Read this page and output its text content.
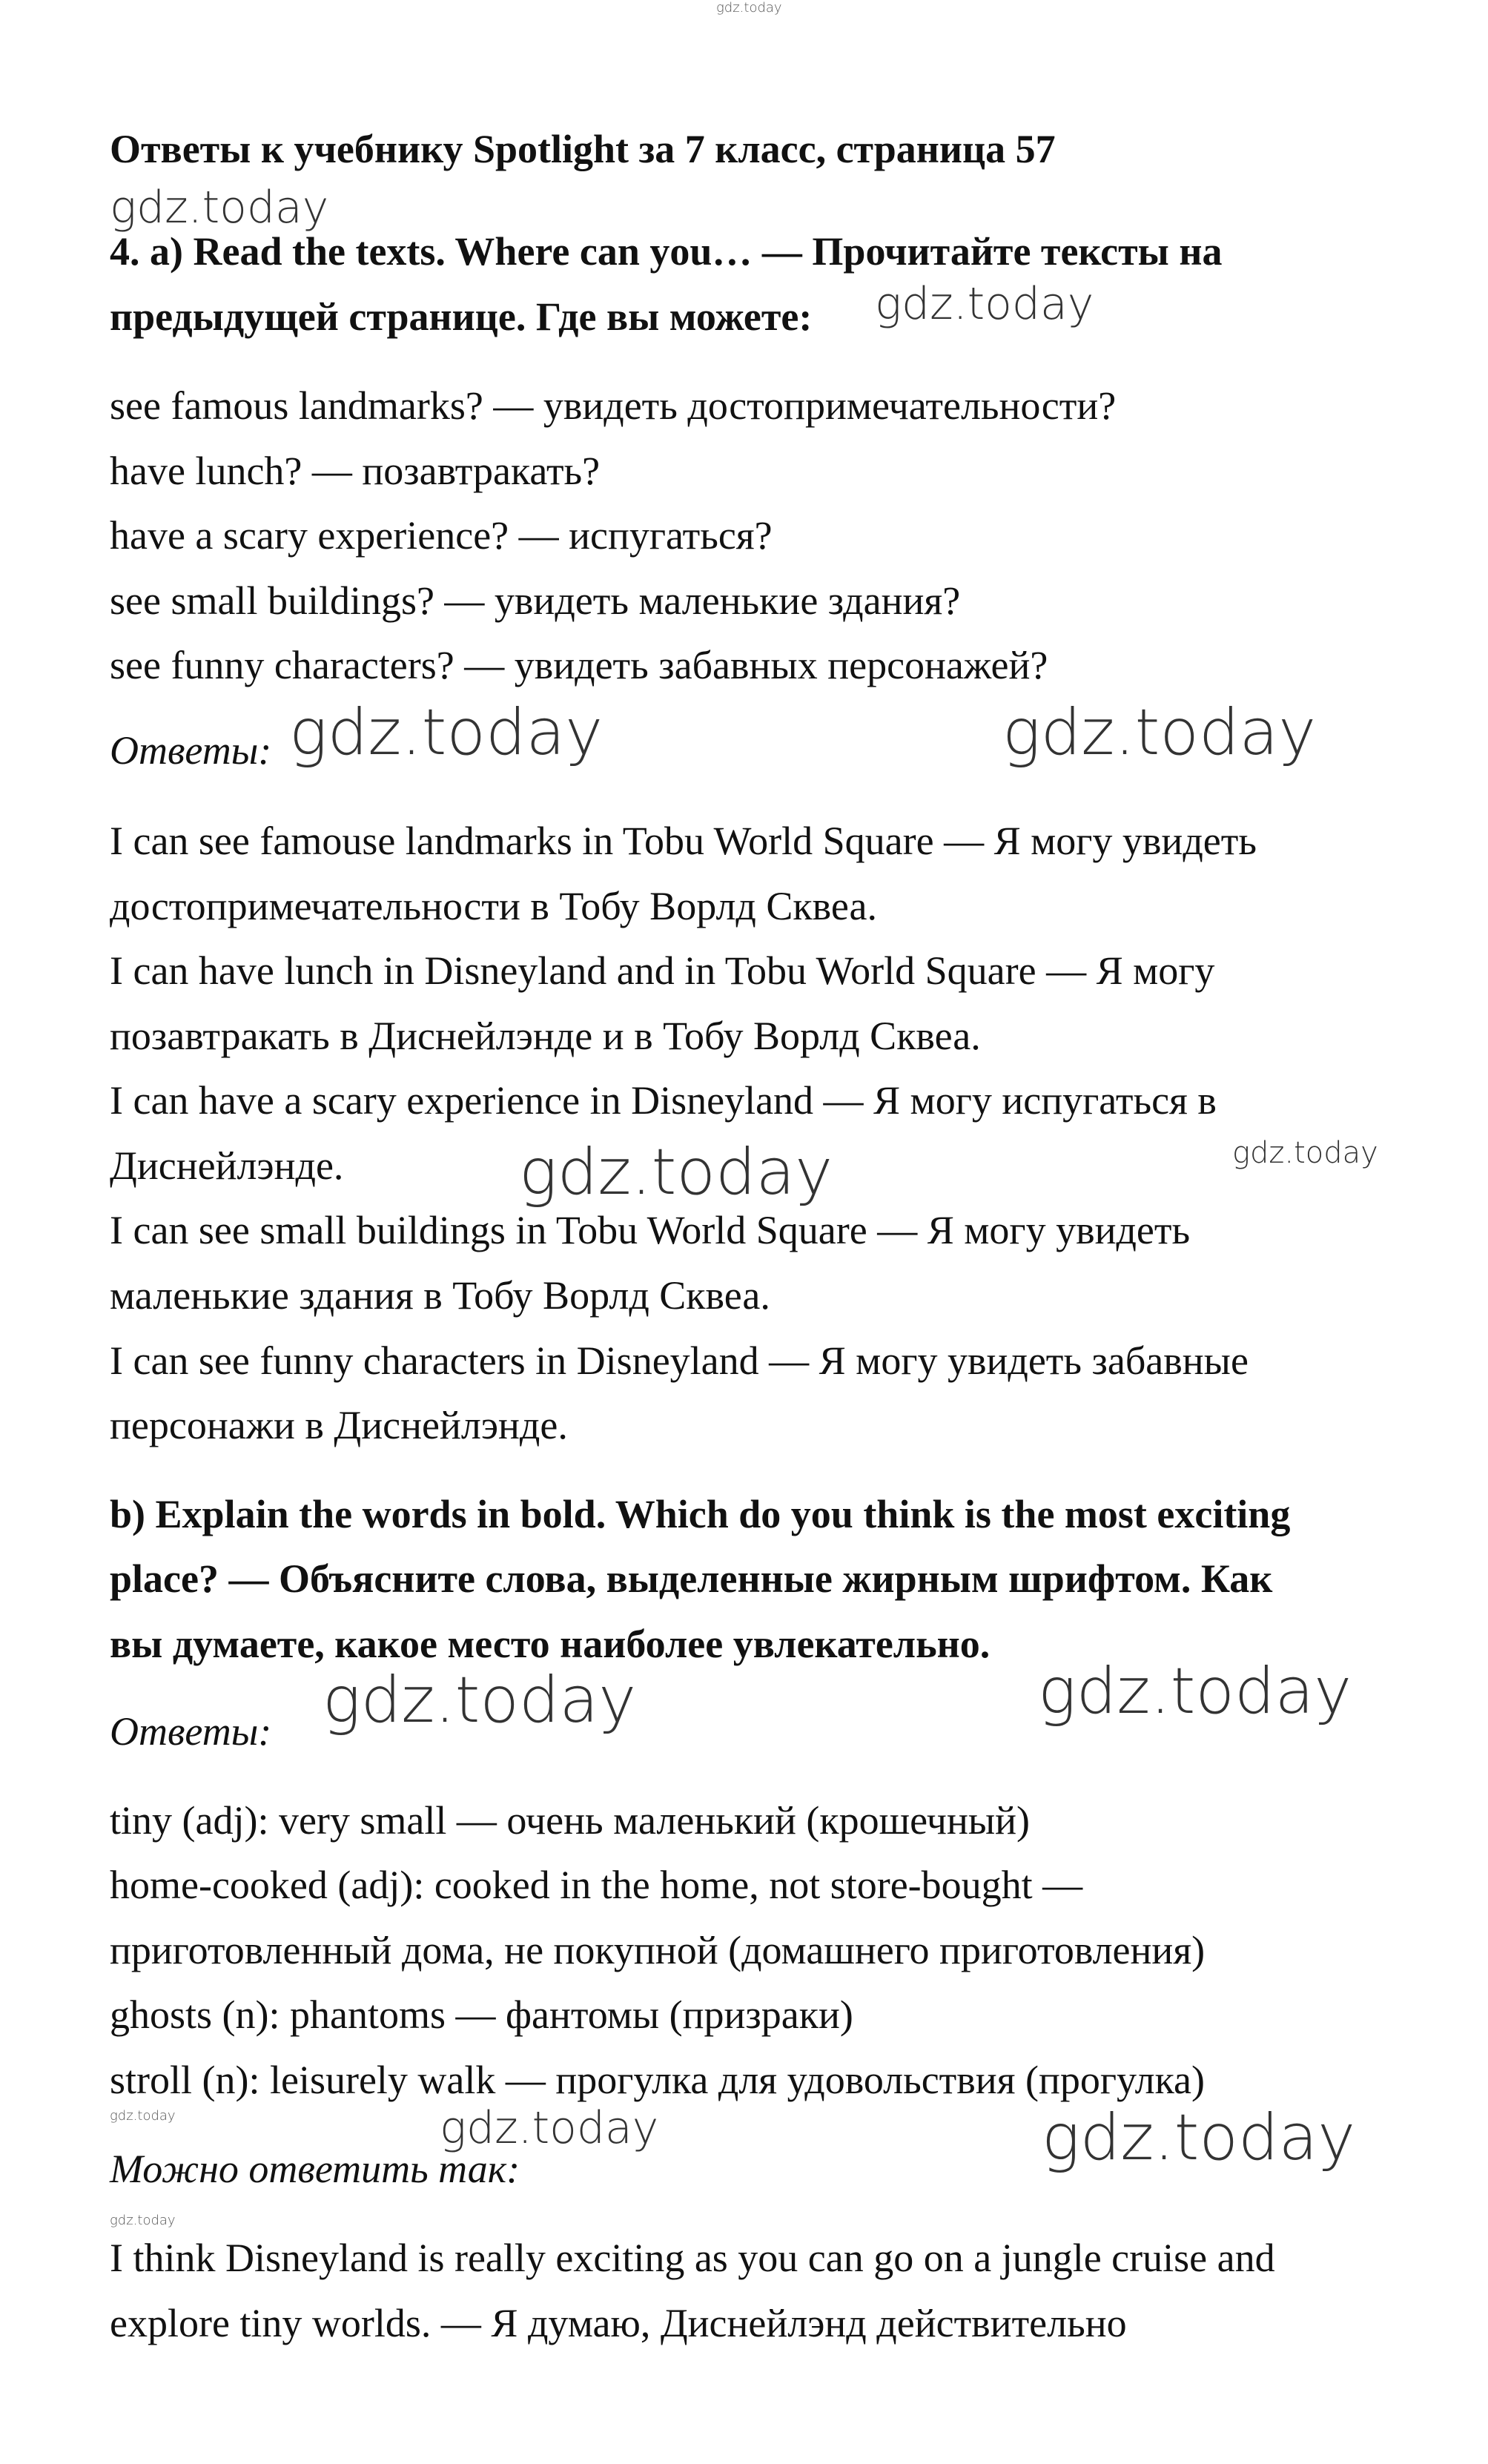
gdz.today
gdz.today
gdz.today
gdz.today	gdz.today
gdz.today
gdz.today
gdz.today	gdz.today
gdz.today	gdz.today	gdz.today
gdz.today
Ответы к учебнику Spotlight за 7 класс, страница 57
4. a) Read the texts. Where can you… — Прочитайте тексты на
предыдущей странице. Где вы можете:
see famous landmarks? — увидеть достопримечательности?
have lunch? — позавтракать?
have a scary experience? — испугаться?
see small buildings? — увидеть маленькие здания?
see funny characters? — увидеть забавных персонажей?
Ответы:
I can see famouse landmarks in Tobu World Square — Я могу увидеть
достопримечательности в Тобу Ворлд Сквеа.
I can have lunch in Disneyland and in Tobu World Square — Я могу
позавтракать в Диснейлэнде и в Тобу Ворлд Сквеа.
I can have a scary experience in Disneyland — Я могу испугаться в
Диснейлэнде.
I can see small buildings in Tobu World Square — Я могу увидеть
маленькие здания в Тобу Ворлд Сквеа.
I can see funny characters in Disneyland — Я могу увидеть забавные
персонажи в Диснейлэнде.
b) Explain the words in bold. Which do you think is the most exciting
place? — Объясните слова, выделенные жирным шрифтом. Как
вы думаете, какое место наиболее увлекательно.
Ответы:
tiny (adj): very small — очень маленький (крошечный)
home-cooked (adj): cooked in the home, not store-bought —
приготовленный дома, не покупной (домашнего приготовления)
ghosts (n): phantoms — фантомы (призраки)
stroll (n): leisurely walk — прогулка для удовольствия (прогулка)
Можно ответить так:
I think Disneyland is really exciting as you can go on a jungle cruise and
explore tiny worlds. — Я думаю, Диснейлэнд действительно
